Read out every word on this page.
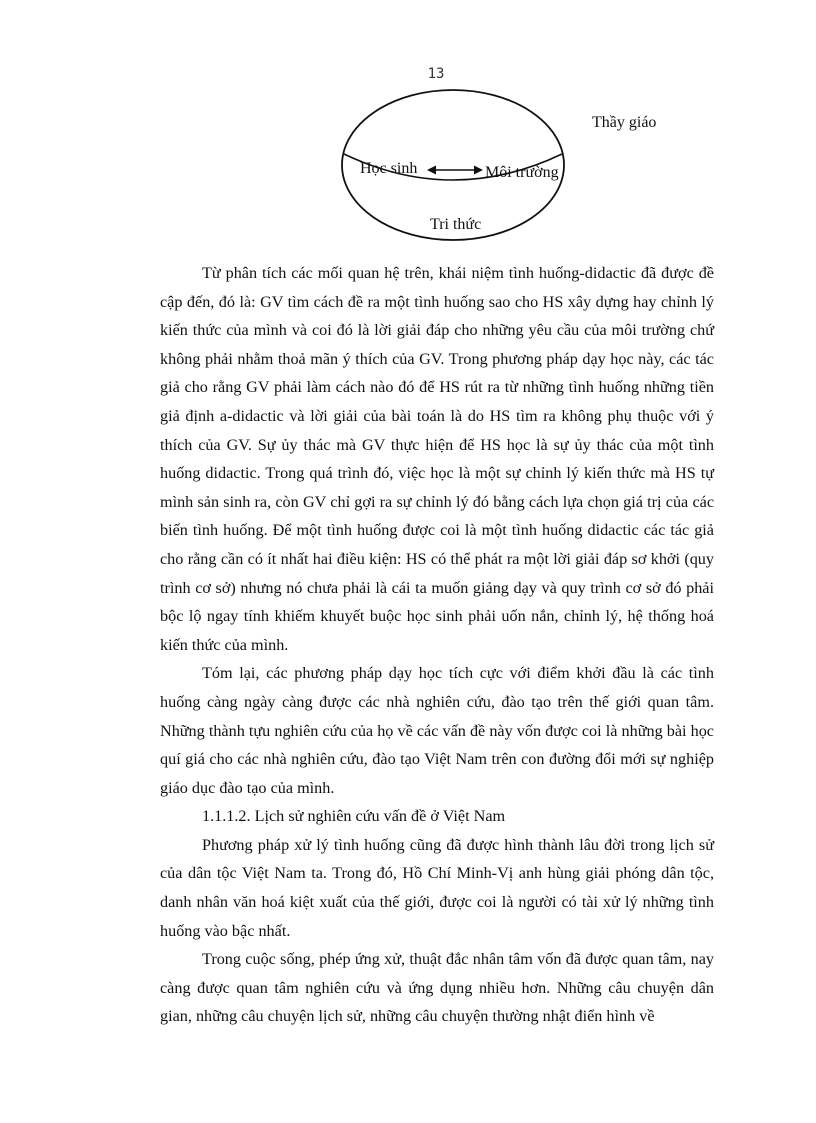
13
Thầy giáo
Học sinh	Môi trường
Tri thức

Từ phân tích các mối quan hệ trên, khái niệm tình huống-didactic đã được đề cập đến, đó là: GV tìm cách đề ra một tình huống sao cho HS xây dựng hay chỉnh lý kiến thức của mình và coi đó là lời giải đáp cho những yêu cầu của môi trường chứ không phải nhằm thoả mãn ý thích của GV. Trong phương pháp dạy học này, các tác giả cho rằng GV phải làm cách nào đó để HS rút ra từ những tình huống những tiền giả định a-didactic và lời giải của bài toán là do HS tìm ra không phụ thuộc với ý thích của GV. Sự ủy thác mà GV thực hiện để HS học là sự ủy thác của một tình huống didactic. Trong quá trình đó, việc học là một sự chỉnh lý kiến thức mà HS tự mình sản sinh ra, còn GV chỉ gợi ra sự chỉnh lý đó bằng cách lựa chọn giá trị của các biến tình huống. Để một tình huống được coi là một tình huống didactic các tác giả cho rằng cần có ít nhất hai điều kiện: HS có thể phát ra một lời giải đáp sơ khởi (quy trình cơ sở) nhưng nó chưa phải là cái ta muốn giảng dạy và quy trình cơ sở đó phải bộc lộ ngay tính khiếm khuyết buộc học sinh phải uốn nắn, chỉnh lý, hệ thống hoá kiến thức của mình.

Tóm lại, các phương pháp dạy học tích cực với điểm khởi đầu là các tình huống càng ngày càng được các nhà nghiên cứu, đào tạo trên thế giới quan tâm. Những thành tựu nghiên cứu của họ về các vấn đề này vốn được coi là những bài học quí giá cho các nhà nghiên cứu, đào tạo Việt Nam trên con đường đổi mới sự nghiệp giáo dục đào tạo của mình.

1.1.1.2. Lịch sử nghiên cứu vấn đề ở Việt Nam

Phương pháp xử lý tình huống cũng đã được hình thành lâu đời trong lịch sử của dân tộc Việt Nam ta. Trong đó, Hồ Chí Minh-Vị anh hùng giải phóng dân tộc, danh nhân văn hoá kiệt xuất của thế giới, được coi là người có tài xử lý những tình huống vào bậc nhất.

Trong cuộc sống, phép ứng xử, thuật đắc nhân tâm vốn đã được quan tâm, nay càng được quan tâm nghiên cứu và ứng dụng nhiều hơn. Những câu chuyện dân gian, những câu chuyện lịch sử, những câu chuyện thường nhật điển hình về
